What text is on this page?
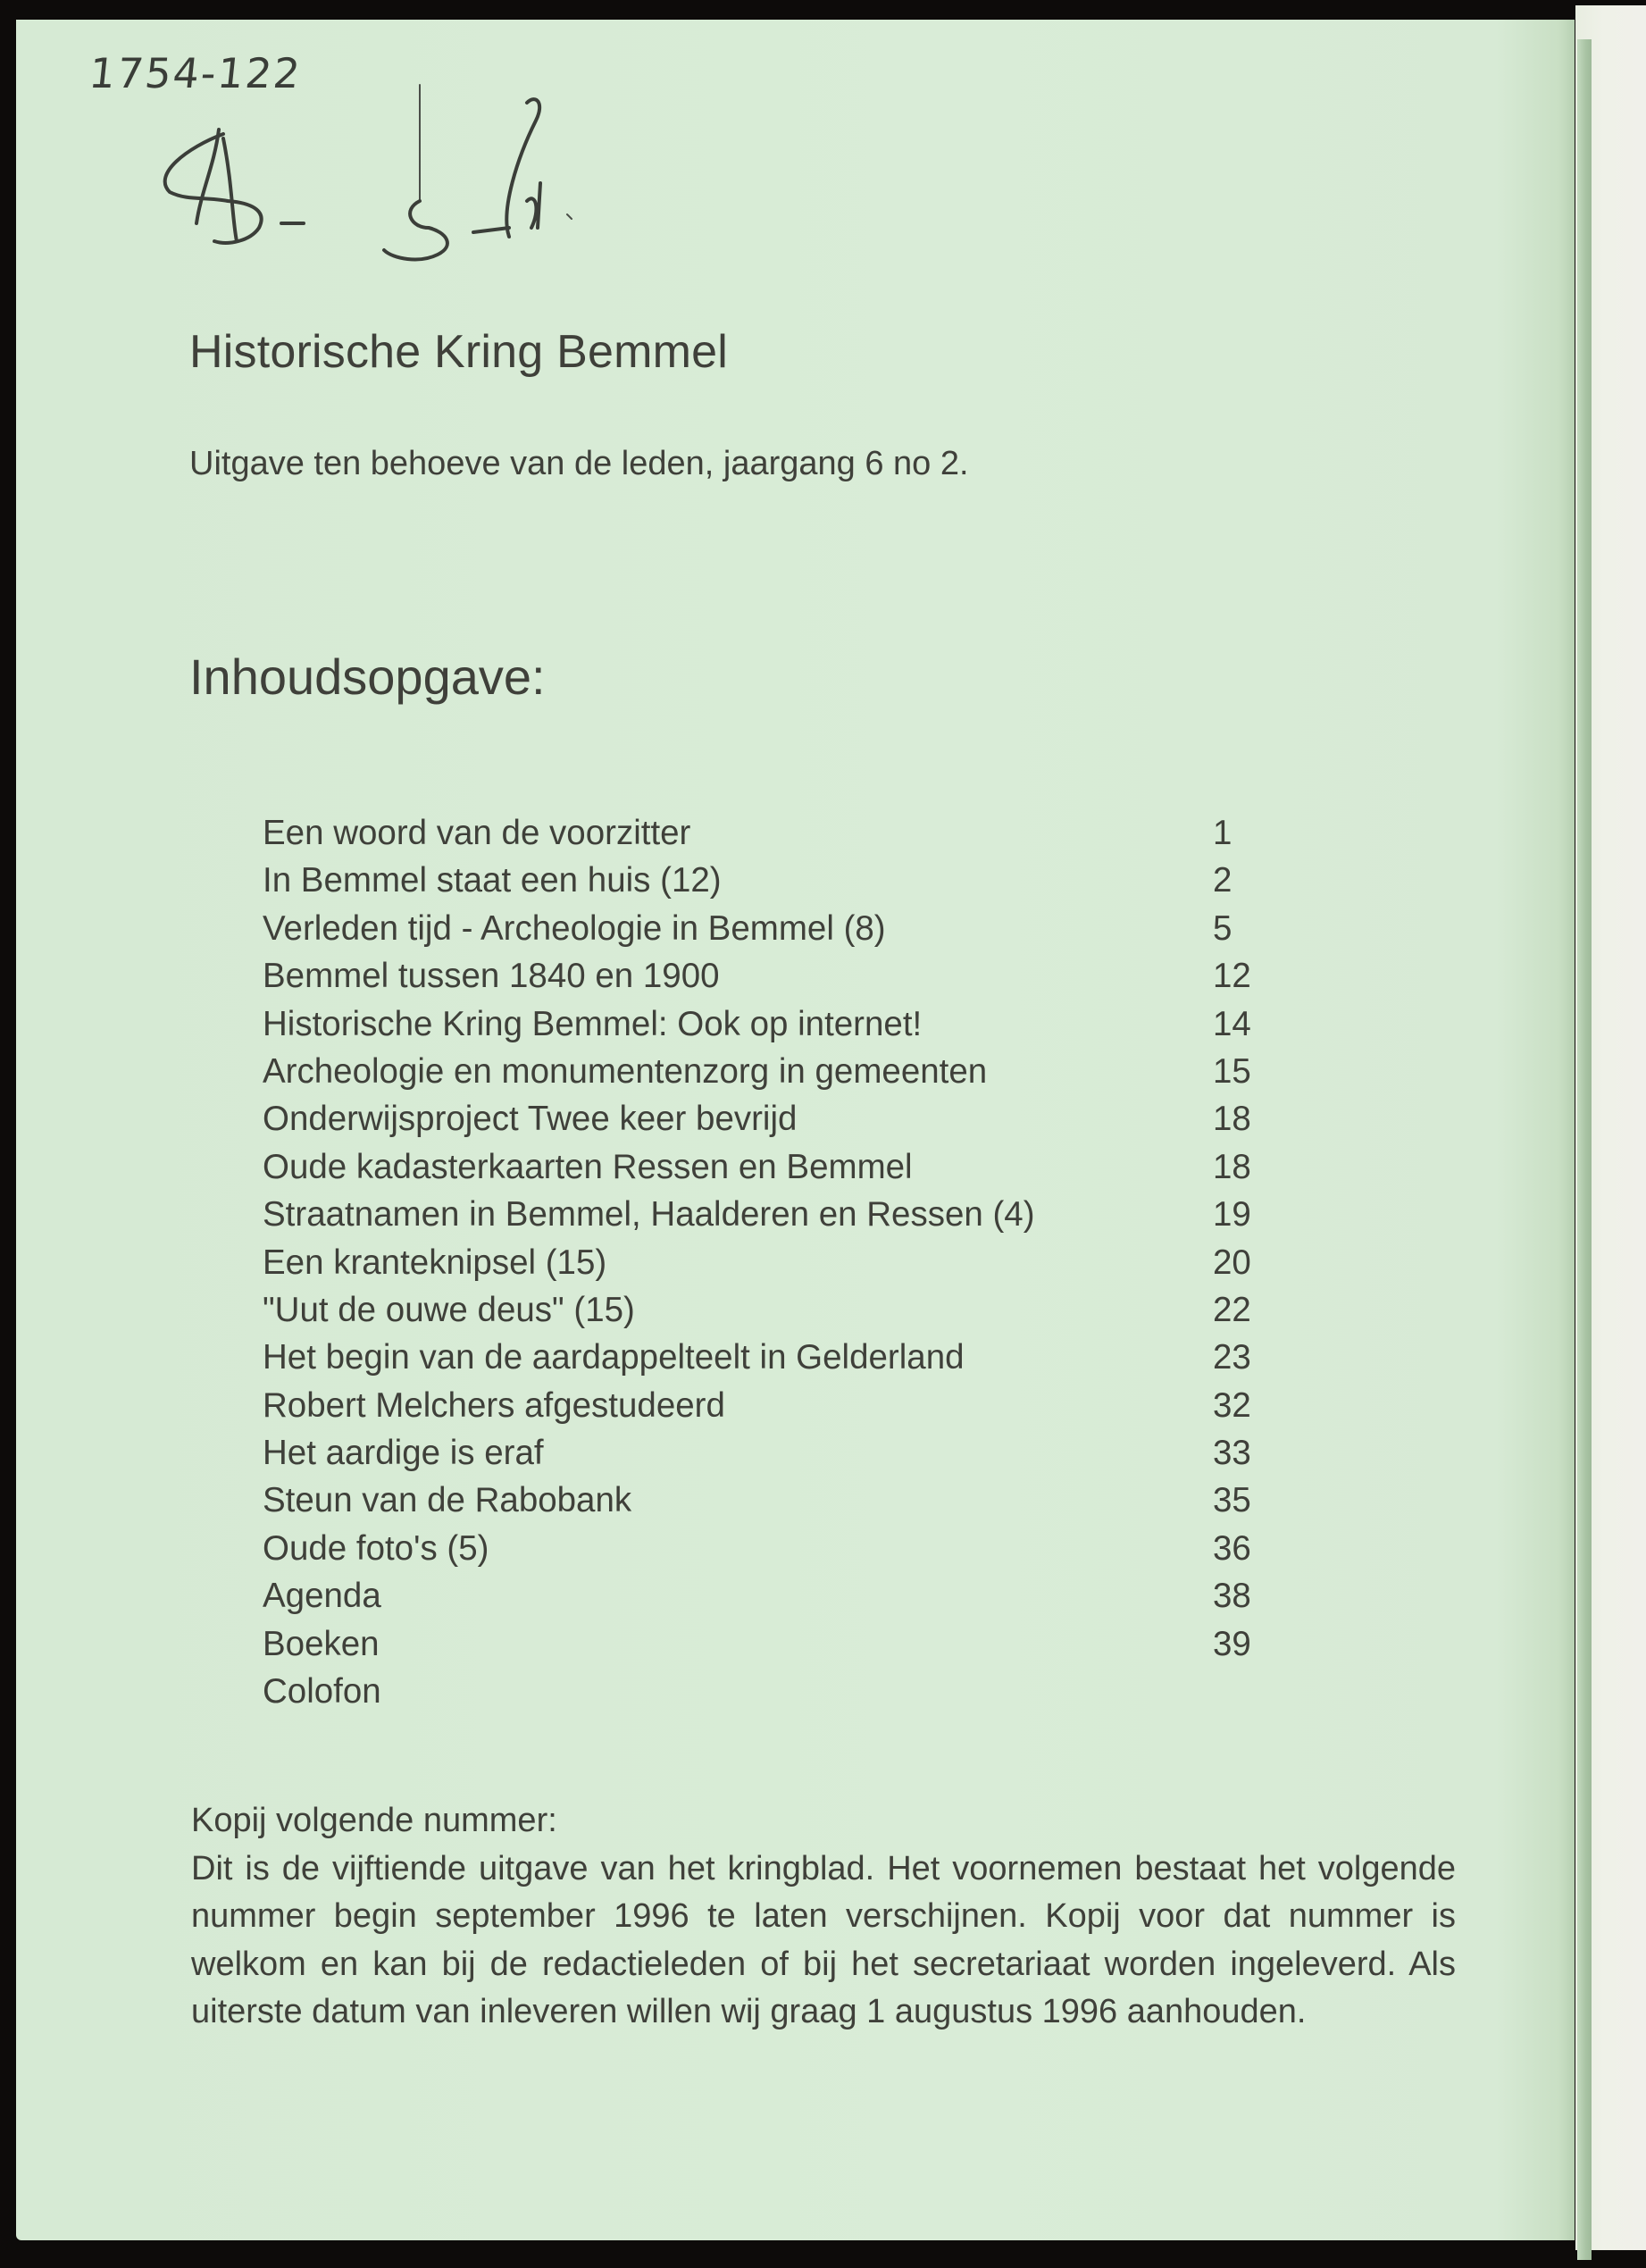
1754-122
Historische Kring Bemmel
Uitgave ten behoeve van de leden, jaargang 6 no 2.
Inhoudsopgave:
Een woord van de voorzitter	1
In Bemmel staat een huis (12)	2
Verleden tijd - Archeologie in Bemmel (8)	5
Bemmel tussen 1840 en 1900	12
Historische Kring Bemmel: Ook op internet!	14
Archeologie en monumentenzorg in gemeenten	15
Onderwijsproject Twee keer bevrijd	18
Oude kadasterkaarten Ressen en Bemmel	18
Straatnamen in Bemmel, Haalderen en Ressen (4)	19
Een kranteknipsel (15)	20
"Uut de ouwe deus" (15)	22
Het begin van de aardappelteelt in Gelderland	23
Robert Melchers afgestudeerd	32
Het aardige is eraf	33
Steun van de Rabobank	35
Oude foto's (5)	36
Agenda	38
Boeken	39
Colofon
Kopij volgende nummer:
Dit is de vijftiende uitgave van het kringblad. Het voornemen bestaat het volgende nummer begin september 1996 te laten verschijnen. Kopij voor dat nummer is welkom en kan bij de redactieleden of bij het secretariaat worden ingeleverd. Als uiterste datum van inleveren willen wij graag 1 augustus 1996 aanhouden.
